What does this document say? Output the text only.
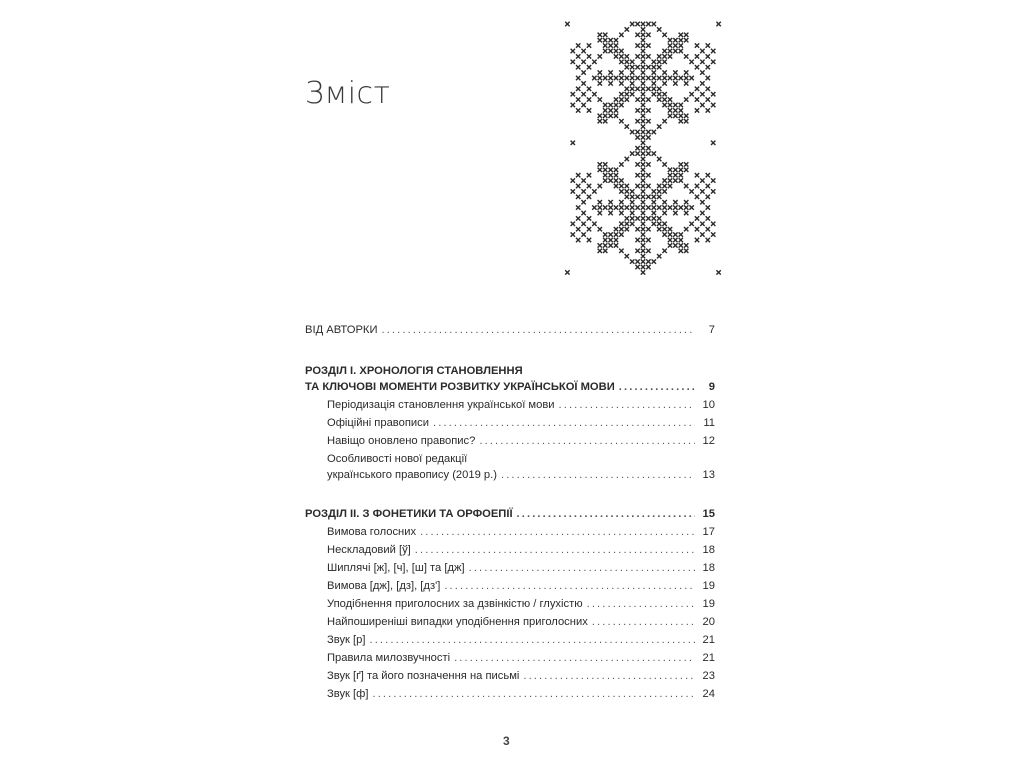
Зміст
ВІД АВТОРКИ . . .	7
РОЗДІЛ І. ХРОНОЛОГІЯ СТАНОВЛЕННЯ
ТА КЛЮЧОВІ МОМЕНТИ РОЗВИТКУ УКРАЇНСЬКОЇ МОВИ . . .	9
Періодизація становлення української мови . . .	10
Офіційні правописи . . .	11
Навіщо оновлено правопис? . . .	12
Особливості нової редакції
українського правопису (2019 р.) . . .	13
РОЗДІЛ ІІ. З ФОНЕТИКИ ТА ОРФОЕПІЇ . . .	15
Вимова голосних . . .	17
Нескладовий [ў] . . .	18
Шиплячі [ж], [ч], [ш] та [дж] . . .	18
Вимова [дж], [дз], [дз'] . . .	19
Уподібнення приголосних за дзвінкістю / глухістю . . .	19
Найпоширеніші випадки уподібнення приголосних . . .	20
Звук [р] . . .	21
Правила милозвучності . . .	21
Звук [ґ] та його позначення на письмі . . .	23
Звук [ф] . . .	24
3
